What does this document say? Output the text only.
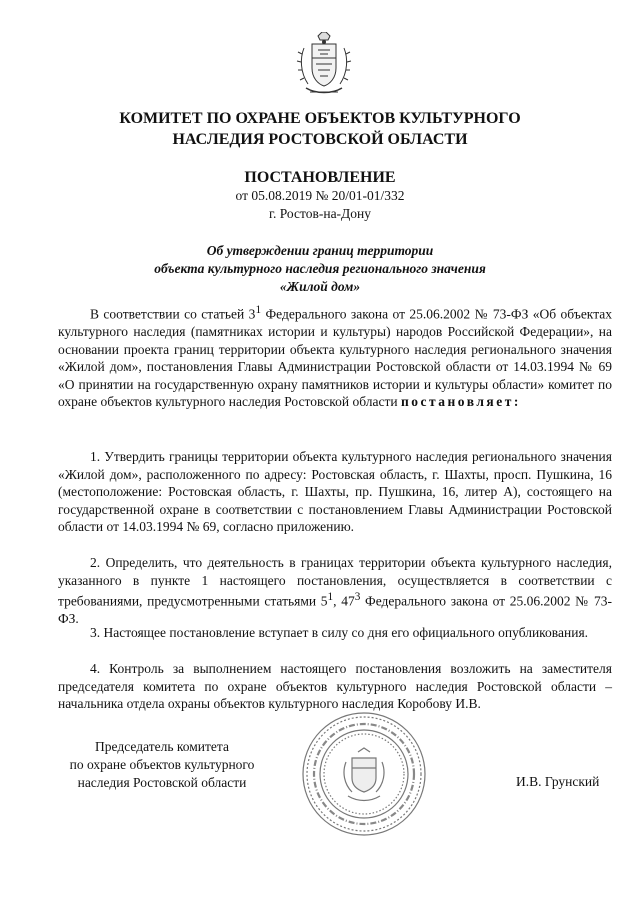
КОМИТЕТ ПО ОХРАНЕ ОБЪЕКТОВ КУЛЬТУРНОГО
НАСЛЕДИЯ РОСТОВСКОЙ ОБЛАСТИ
ПОСТАНОВЛЕНИЕ
от 05.08.2019 № 20/01-01/332
г. Ростов-на-Дону
Об утверждении границ территории
объекта культурного наследия регионального значения
«Жилой дом»
В соответствии со статьей $3^1$ Федерального закона от 25.06.2002 № 73-ФЗ «Об объектах культурного наследия (памятниках истории и культуры) народов Российской Федерации», на основании проекта границ территории объекта культурного наследия регионального значения «Жилой дом», постановления Главы Администрации Ростовской области от 14.03.1994 № 69 «О принятии на государственную охрану памятников истории и культуры области» комитет по охране объектов культурного наследия Ростовской области постановляет:
1. Утвердить границы территории объекта культурного наследия регионального значения «Жилой дом», расположенного по адресу: Ростовская область, г. Шахты, просп. Пушкина, 16 (местоположение: Ростовская область, г. Шахты, пр. Пушкина, 16, литер А), состоящего на государственной охране в соответствии с постановлением Главы Администрации Ростовской области от 14.03.1994 № 69, согласно приложению.
2. Определить, что деятельность в границах территории объекта культурного наследия, указанного в пункте 1 настоящего постановления, осуществляется в соответствии с требованиями, предусмотренными статьями $5^1$, $47^3$ Федерального закона от 25.06.2002 № 73-ФЗ.
3. Настоящее постановление вступает в силу со дня его официального опубликования.
4. Контроль за выполнением настоящего постановления возложить на заместителя председателя комитета по охране объектов культурного наследия Ростовской области – начальника отдела охраны объектов культурного наследия Коробову И.В.
Председатель комитета
по охране объектов культурного
наследия Ростовской области	И.В. Грунский
